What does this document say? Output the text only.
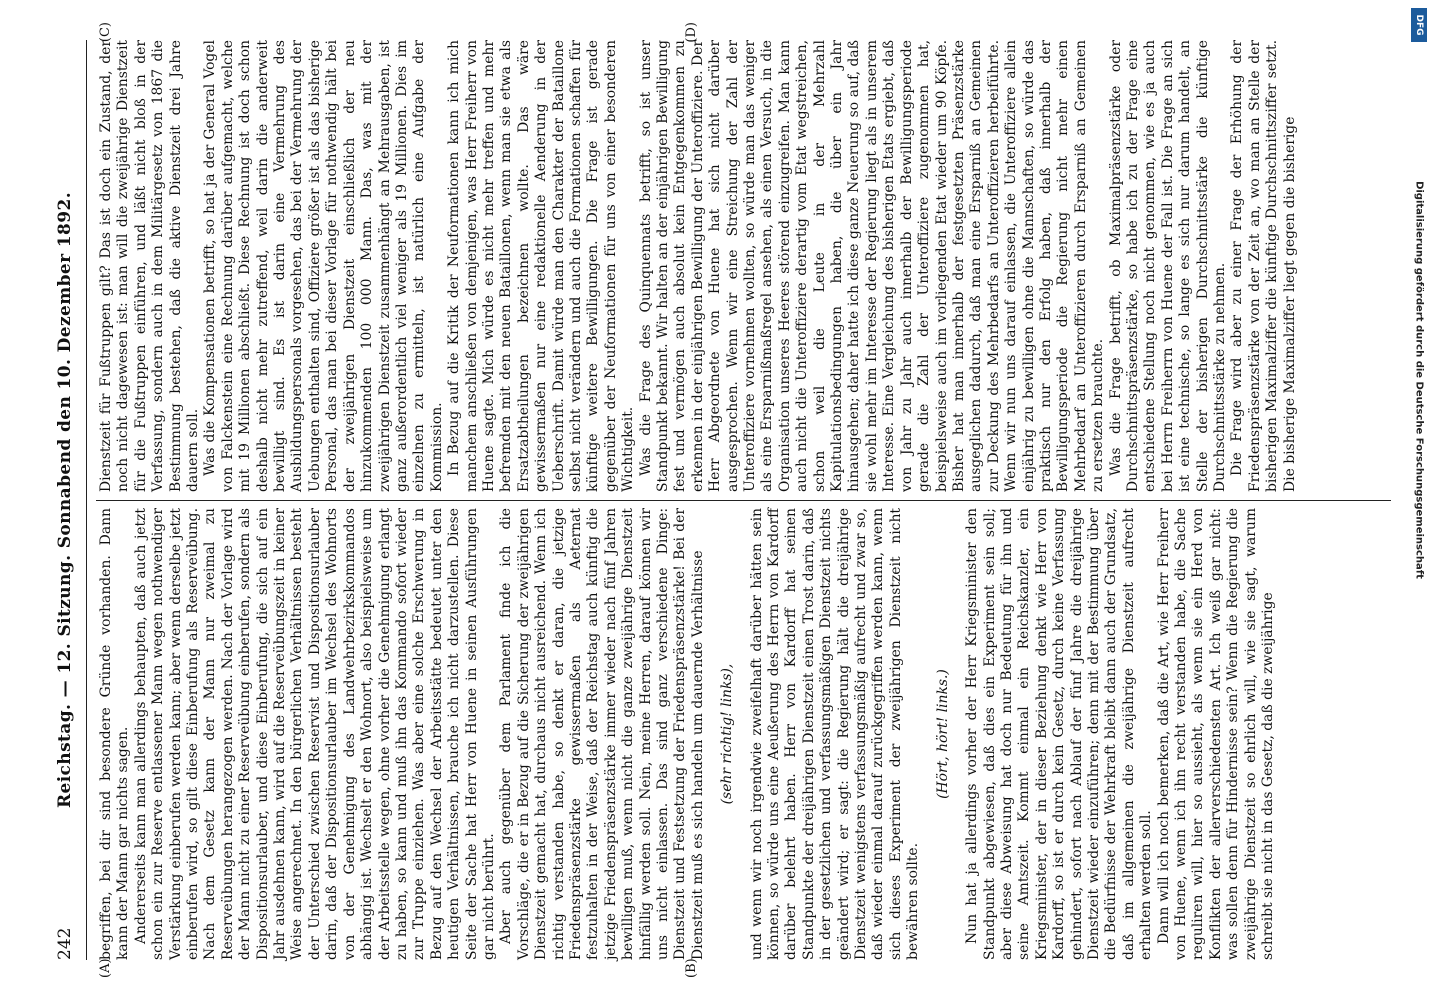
242
Reichstag. — 12. Sitzung. Sonnabend den 10. Dezember 1892.
(A)	(B)
(C)	(D)

begriffen, bei dir sind besondere Gründe vorhanden. Dann kann der Mann gar nichts sagen. Andererseits kann man allerdings behaupten, daß auch jetzt schon ein zur Reserve entlassener Mann wegen nothwendiger Verstärkung einberufen werden kann; aber wenn derselbe jetzt einberufen wird, so gilt diese Einberufung als Reserveübung. Nach dem Gesetz kann der Mann nur zweimal zu Reserveübungen herangezogen werden. Nach der Vorlage wird der Mann nicht zu einer Reserveübung einberufen, sondern als Dispositionsurlauber, und diese Einberufung, die sich auf ein Jahr ausdehnen kann, wird auf die Reserveübungszeit in keiner Weise angerechnet. In den bürgerlichen Verhältnissen besteht der Unterschied zwischen Reservist und Dispositionsurlauber darin, daß der Dispositionsurlauber im Wechsel des Wohnorts von der Genehmigung des Landwehrbezirkskommandos abhängig ist. Wechselt er den Wohnort, also beispielsweise um der Arbeitsstelle wegen, ohne vorher die Genehmigung erlangt zu haben, so kann und muß ihn das Kommando sofort wieder zur Truppe einziehen. Was aber eine solche Erschwerung in Bezug auf den Wechsel der Arbeitsstätte bedeutet unter den heutigen Verhältnissen, brauche ich nicht darzustellen. Diese Seite der Sache hat Herr von Huene in seinen Ausführungen gar nicht berührt. Aber auch gegenüber dem Parlament finde ich die Vorschläge, die er in Bezug auf die Sicherung der zweijährigen Dienstzeit gemacht hat, durchaus nicht ausreichend. Wenn ich richtig verstanden habe, so denkt er daran, die jetzige Friedenspräsenzstärke gewissermaßen als Aeternat festzuhalten in der Weise, daß der Reichstag auch künftig die jetzige Friedenspräsenzstärke immer wieder nach fünf Jahren bewilligen muß, wenn nicht die ganze zweijährige Dienstzeit hinfällig werden soll. Nein, meine Herren, darauf können wir uns nicht einlassen. Das sind ganz verschiedene Dinge: Dienstzeit und Festsetzung der Friedenspräsenzstärke! Bei der Dienstzeit muß es sich handeln um dauernde Verhältnisse (sehr richtig! links), und wenn wir noch irgendwie zweifelhaft darüber hätten sein können, so würde uns eine Aeußerung des Herrn von Kardorff darüber belehrt haben. Herr von Kardorff hat seinen Standpunkte der dreijährigen Dienstzeit einen Trost darin, daß in der gesetzlichen und verfassungsmäßigen Dienstzeit nichts geändert wird; er sagt: die Regierung hält die dreijährige Dienstzeit wenigstens verfassungsmäßig aufrecht und zwar so, daß wieder einmal darauf zurückgegriffen werden kann, wenn sich dieses Experiment der zweijährigen Dienstzeit nicht bewähren sollte.

(Hört, hört! links.) Nun hat ja allerdings vorher der Herr Kriegsminister den Standpunkt abgewiesen, daß dies ein Experiment sein soll; aber diese Abweisung hat doch nur Bedeutung für ihn und seine Amtszeit. Kommt einmal ein Reichskanzler, ein Kriegsminister, der in dieser Beziehung denkt wie Herr von Kardorff, so ist er durch kein Gesetz, durch keine Verfassung gehindert, sofort nach Ablauf der fünf Jahre die dreijährige Dienstzeit wieder einzuführen; denn mit der Bestimmung über die Bedürfnisse der Wehrkraft bleibt dann auch der Grundsatz, daß im allgemeinen die zweijährige Dienstzeit aufrecht erhalten werden soll. Dann will ich noch bemerken, daß die Art, wie Herr Freiherr von Huene, wenn ich ihn recht verstanden habe, die Sache reguliren will, hier so aussieht, als wenn sie ein Herd von Konflikten der allerverschiedensten Art. Ich weiß gar nicht: was sollen denn für Hindernisse sein? Wenn die Regierung die zweijährige Dienstzeit so ehrlich will, wie sie sagt, warum schreibt sie nicht in das Gesetz, daß die zweijährige

Dienstzeit für Fußtruppen gilt? Das ist doch ein Zustand, der noch nicht dagewesen ist: man will die zweijährige Dienstzeit für die Fußtruppen einführen, und läßt nicht bloß in der Verfassung, sondern auch in dem Militärgesetz von 1867 die Bestimmung bestehen, daß die aktive Dienstzeit drei Jahre dauern soll. Was die Kompensationen betrifft, so hat ja der General Vogel von Falckenstein eine Rechnung darüber aufgemacht, welche mit 19 Millionen abschließt. Diese Rechnung ist doch schon deshalb nicht mehr zutreffend, weil darin die anderweit bewilligt sind. Es ist darin eine Vermehrung des Ausbildungspersonals vorgesehen, das bei der Vermehrung der Uebungen enthalten sind, Offiziere größer ist als das bisherige Personal, das man bei dieser Vorlage für nothwendig hält bei der zweijährigen Dienstzeit einschließlich der neu hinzukommenden 100 000 Mann. Das, was mit der zweijährigen Dienstzeit zusammenhängt an Mehrausgaben, ist ganz außerordentlich viel weniger als 19 Millionen. Dies im einzelnen zu ermitteln, ist natürlich eine Aufgabe der Kommission. In Bezug auf die Kritik der Neuformationen kann ich mich manchem anschließen von demjenigen, was Herr Freiherr von Huene sagte. Mich würde es nicht mehr treffen und mehr befremden mit den neuen Bataillonen, wenn man sie etwa als Ersatzabtheilungen bezeichnen wollte. Das wäre gewissermaßen nur eine redaktionelle Aenderung in der Ueberschrift. Damit würde man den Charakter der Bataillone selbst nicht verändern und auch die Formationen schaffen für künftige weitere Bewilligungen. Die Frage ist gerade gegenüber der Neuformationen für uns von einer besonderen Wichtigkeit. Was die Frage des Quinquennats betrifft, so ist unser Standpunkt bekannt. Wir halten an der einjährigen Bewilligung fest und vermögen auch absolut kein Entgegenkommen zu erkennen in der einjährigen Bewilligung der Unteroffiziere. Der Herr Abgeordnete von Huene hat sich nicht darüber ausgesprochen. Wenn wir eine Streichung der Zahl der Unteroffiziere vornehmen wollten, so würde man das weniger als eine Ersparnißmaßregel ansehen, als einen Versuch, in die Organisation unseres Heeres störend einzugreifen. Man kann auch nicht die Unteroffiziere derartig vom Etat wegstreichen, schon weil die Leute in der Mehrzahl Kapitulationsbedingungen haben, die über ein Jahr hinausgehen; daher hatte ich diese ganze Neuerung so auf, daß sie wohl mehr im Interesse der Regierung liegt als in unserem Interesse. Eine Vergleichung des bisherigen Etats ergiebt, daß von Jahr zu Jahr auch innerhalb der Bewilligungsperiode gerade die Zahl der Unteroffiziere zugenommen hat, beispielsweise auch im vorliegenden Etat wieder um 90 Köpfe. Bisher hat man innerhalb der festgesetzten Präsenzstärke ausgeglichen dadurch, daß man eine Ersparniß an Gemeinen zur Deckung des Mehrbedarfs an Unteroffizieren herbeiführte. Wenn wir nun uns darauf einlassen, die Unteroffiziere allein einjährig zu bewilligen ohne die Mannschaften, so würde das praktisch nur den Erfolg haben, daß innerhalb der Bewilligungsperiode die Regierung nicht mehr einen Mehrbedarf an Unteroffizieren durch Ersparniß an Gemeinen zu ersetzen brauchte. Was die Frage betrifft, ob Maximalpräsenzstärke oder Durchschnittspräsenzstärke, so habe ich zu der Frage eine entschiedene Stellung noch nicht genommen, wie es ja auch bei Herrn Freiherrn von Huene der Fall ist. Die Frage an sich ist eine technische, so lange es sich nur darum handelt, an Stelle der bisherigen Durchschnittsstärke die künftige Durchschnittsstärke zu nehmen. Die Frage wird aber zu einer Frage der Erhöhung der Friedenspräsenzstärke von der Zeit an, wo man an Stelle der bisherigen Maximalziffer die künftige Durchschnittsziffer setzt. Die bisherige Maximalziffer liegt gegen die bisherige

DFG
Digitalisierung gefördert durch die Deutsche Forschungsgemeinschaft
